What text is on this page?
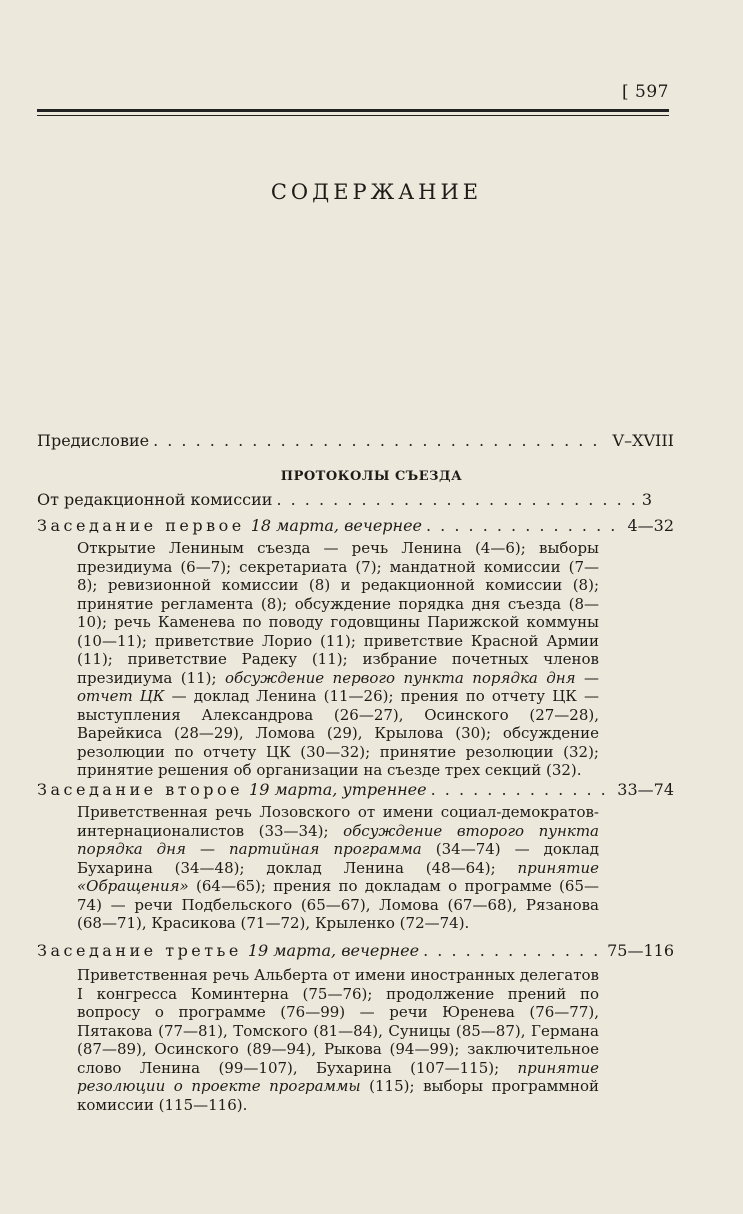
[ 597
СОДЕРЖАНИЕ
Предисловие . . .	V–XVIII
ПРОТОКОЛЫ СЪЕЗДА
От редакционной комиссии . . .	3
Заседание первое 18 марта, вечернее . . .	4—32
Открытие Лениным съезда — речь Ленина (4—6); выборы президиума (6—7); секретариата (7); мандатной комиссии (7—8); ревизионной комиссии (8) и редакционной комиссии (8); принятие регламента (8); обсуждение порядка дня съезда (8—10); речь Каменева по поводу годовщины Парижской коммуны (10—11); приветствие Лорио (11); приветствие Красной Армии (11); приветствие Радеку (11); избрание почетных членов президиума (11); обсуждение первого пункта порядка дня — отчет ЦК — доклад Ленина (11—26); прения по отчету ЦК — выступления Александрова (26—27), Осинского (27—28), Варейкиса (28—29), Ломова (29), Крылова (30); обсуждение резолюции по отчету ЦК (30—32); принятие резолюции (32); принятие решения об организации на съезде трех секций (32).
Заседание второе 19 марта, утреннее . . .	33—74
Приветственная речь Лозовского от имени социал-демократов-интернационалистов (33—34); обсуждение второго пункта порядка дня — партийная программа (34—74) — доклад Бухарина (34—48); доклад Ленина (48—64); принятие «Обращения» (64—65); прения по докладам о программе (65—74) — речи Подбельского (65—67), Ломова (67—68), Рязанова (68—71), Красикова (71—72), Крыленко (72—74).
Заседание третье 19 марта, вечернее . . .	75—116
Приветственная речь Альберта от имени иностранных делегатов I конгресса Коминтерна (75—76); продолжение прений по вопросу о программе (76—99) — речи Юренева (76—77), Пятакова (77—81), Томского (81—84), Суницы (85—87), Германа (87—89), Осинского (89—94), Рыкова (94—99); заключительное слово Ленина (99—107), Бухарина (107—115); принятие резолюции о проекте программы (115); выборы программной комиссии (115—116).
